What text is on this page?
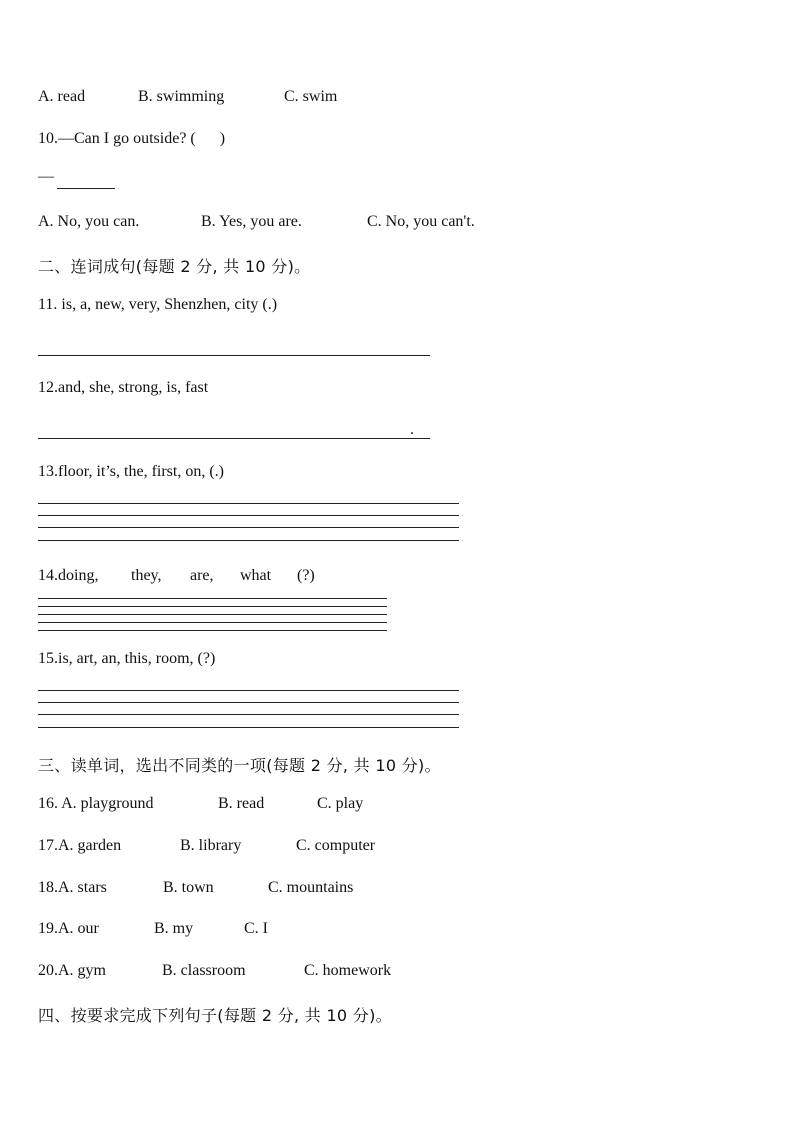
A. read	B. swimming	C. swim
10.—Can I go outside? (      )
—
A. No, you can.	B. Yes, you are.	C. No, you can't.
二、连词成句(每题 2 分, 共 10 分)。
11. is, a, new, very, Shenzhen, city (.)
12.and, she, strong, is, fast
.
13.floor, it’s, the, first, on, (.)
14.doing, they, are, what (?)
15.is, art, an, this, room, (?)
三、读单词，选出不同类的一项(每题 2 分, 共 10 分)。
16. A. playground	B. read	C. play
17.A. garden	B. library	C. computer
18.A. stars	B. town	C. mountains
19.A. our	B. my	C. I
20.A. gym	B. classroom	C. homework
四、按要求完成下列句子(每题 2 分, 共 10 分)。
